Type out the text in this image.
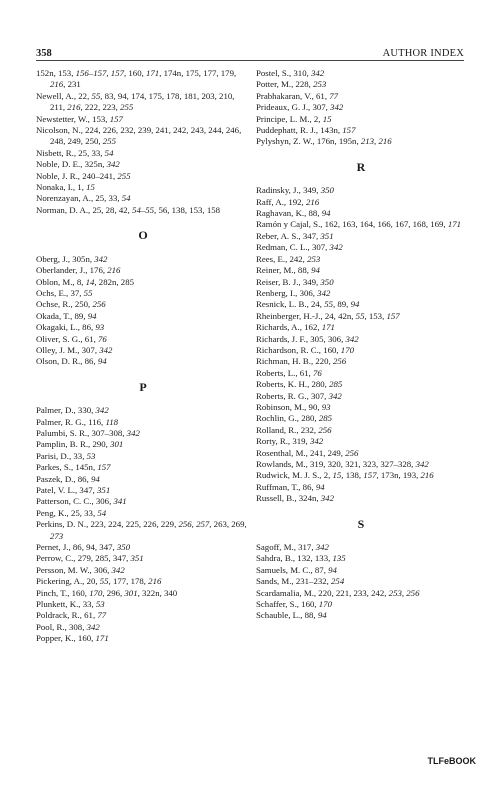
358	AUTHOR INDEX

152n, 153, 156–157, 157, 160, 171, 174n, 175, 177, 179, 216, 231

Newell, A., 22, 55, 83, 94, 174, 175, 178, 181, 203, 210, 211, 216, 222, 223, 255

Newstetter, W., 153, 157

Nicolson, N., 224, 226, 232, 239, 241, 242, 243, 244, 246, 248, 249, 250, 255

Nisbett, R., 25, 33, 54

Noble, D. E., 325n, 342

Noble, J. R., 240–241, 255

Nonaka, I., 1, 15

Norenzayan, A., 25, 33, 54

Norman, D. A., 25, 28, 42, 54–55, 56, 138, 153, 158

O

Oberg, J., 305n, 342

Oberlander, J., 176, 216

Oblon, M., 8, 14, 282n, 285

Ochs, E., 37, 55

Ochse, R., 250, 256

Okada, T., 89, 94

Okagaki, L., 86, 93

Oliver, S. G., 61, 76

Olley, J. M., 307, 342

Olson, D. R., 86, 94

P

Palmer, D., 330, 342

Palmer, R. G., 116, 118

Palumbi, S. R., 307–308, 342

Pamplin, B. R., 290, 301

Parisi, D., 33, 53

Parkes, S., 145n, 157

Paszek, D., 86, 94

Patel, V. L., 347, 351

Patterson, C. C., 306, 341

Peng, K., 25, 33, 54

Perkins, D. N., 223, 224, 225, 226, 229, 256, 257, 263, 269, 273

Pernet, J., 86, 94, 347, 350

Perrow, C., 279, 285, 347, 351

Persson, M. W., 306, 342

Pickering, A., 20, 55, 177, 178, 216

Pinch, T., 160, 170, 296, 301, 322n, 340

Plunkett, K., 33, 53

Poldrack, R., 61, 77

Pool, R., 308, 342

Popper, K., 160, 171

Postel, S., 310, 342

Potter, M., 228, 253

Prabhakaran, V., 61, 77

Prideaux, G. J., 307, 342

Principe, L. M., 2, 15

Puddephatt, R. J., 143n, 157

Pylyshyn, Z. W., 176n, 195n, 213, 216

R

Radinsky, J., 349, 350

Raff, A., 192, 216

Raghavan, K., 88, 94

Ramón y Cajal, S., 162, 163, 164, 166, 167, 168, 169, 171

Reber, A. S., 347, 351

Redman, C. L., 307, 342

Rees, E., 242, 253

Reiner, M., 88, 94

Reiser, B. J., 349, 350

Renberg, I., 306, 342

Resnick, L. B., 24, 55, 89, 94

Rheinberger, H.-J., 24, 42n, 55, 153, 157

Richards, A., 162, 171

Richards, J. F., 305, 306, 342

Richardson, R. C., 160, 170

Richman, H. B., 220, 256

Roberts, L., 61, 76

Roberts, K. H., 280, 285

Roberts, R. G., 307, 342

Robinson, M., 90, 93

Rochlin, G., 280, 285

Rolland, R., 232, 256

Rorty, R., 319, 342

Rosenthal, M., 241, 249, 256

Rowlands, M., 319, 320, 321, 323, 327–328, 342

Rudwick, M. J. S., 2, 15, 138, 157, 173n, 193, 216

Ruffman, T., 86, 94

Russell, B., 324n, 342

S

Sagoff, M., 317, 342

Sahdra, B., 132, 133, 135

Samuels, M. C., 87, 94

Sands, M., 231–232, 254

Scardamalia, M., 220, 221, 233, 242, 253, 256

Schaffer, S., 160, 170

Schauble, L., 88, 94

TLFeBOOK
